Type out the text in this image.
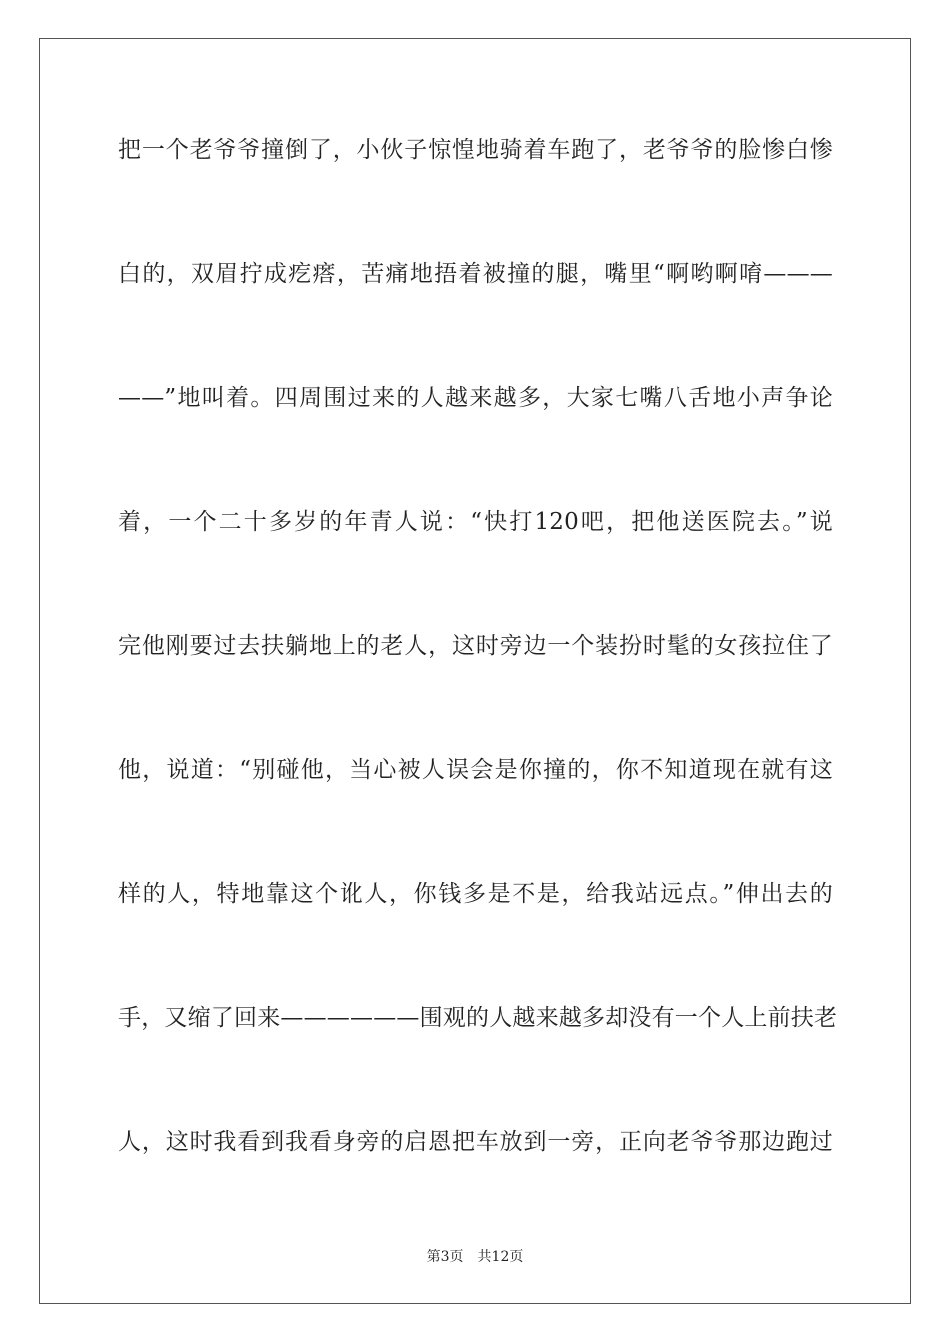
把一个老爷爷撞倒了，小伙子惊惶地骑着车跑了，老爷爷的脸惨白惨
白的，双眉拧成疙瘩，苦痛地捂着被撞的腿，嘴里“啊哟啊唷———
——”地叫着。四周围过来的人越来越多，大家七嘴八舌地小声争论
着，一个二十多岁的年青人说：“快打120吧，把他送医院去。”说
完他刚要过去扶躺地上的老人，这时旁边一个装扮时髦的女孩拉住了
他，说道：“别碰他，当心被人误会是你撞的，你不知道现在就有这
样的人，特地靠这个讹人，你钱多是不是，给我站远点。”伸出去的
手，又缩了回来——————围观的人越来越多却没有一个人上前扶老
人，这时我看到我看身旁的启恩把车放到一旁，正向老爷爷那边跑过
第3页 共12页
